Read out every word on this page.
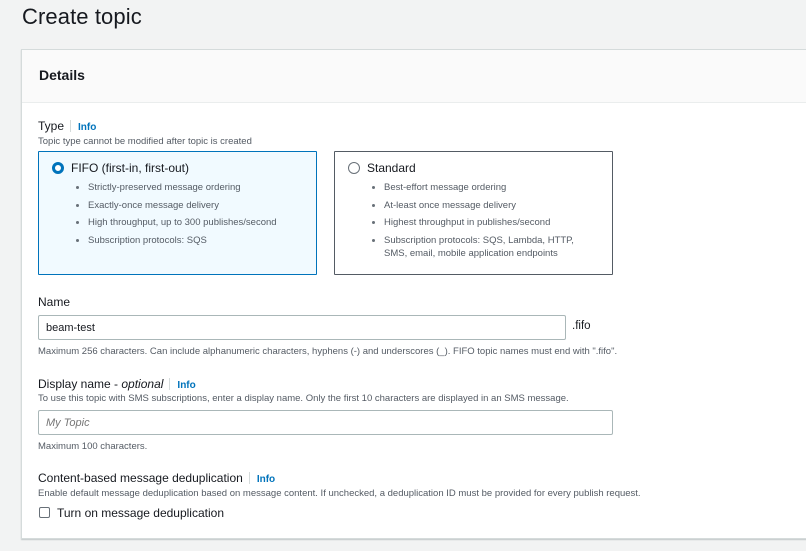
Create topic
Details
Type Info
Topic type cannot be modified after topic is created
FIFO (first-in, first-out)
Strictly-preserved message ordering
Exactly-once message delivery
High throughput, up to 300 publishes/second
Subscription protocols: SQS
Standard
Best-effort message ordering
At-least once message delivery
Highest throughput in publishes/second
Subscription protocols: SQS, Lambda, HTTP, SMS, email, mobile application endpoints
Name
beam-test
.fifo
Maximum 256 characters. Can include alphanumeric characters, hyphens (-) and underscores (_). FIFO topic names must end with ".fifo".
Display name - optional Info
To use this topic with SMS subscriptions, enter a display name. Only the first 10 characters are displayed in an SMS message.
My Topic
Maximum 100 characters.
Content-based message deduplication Info
Enable default message deduplication based on message content. If unchecked, a deduplication ID must be provided for every publish request.
Turn on message deduplication
